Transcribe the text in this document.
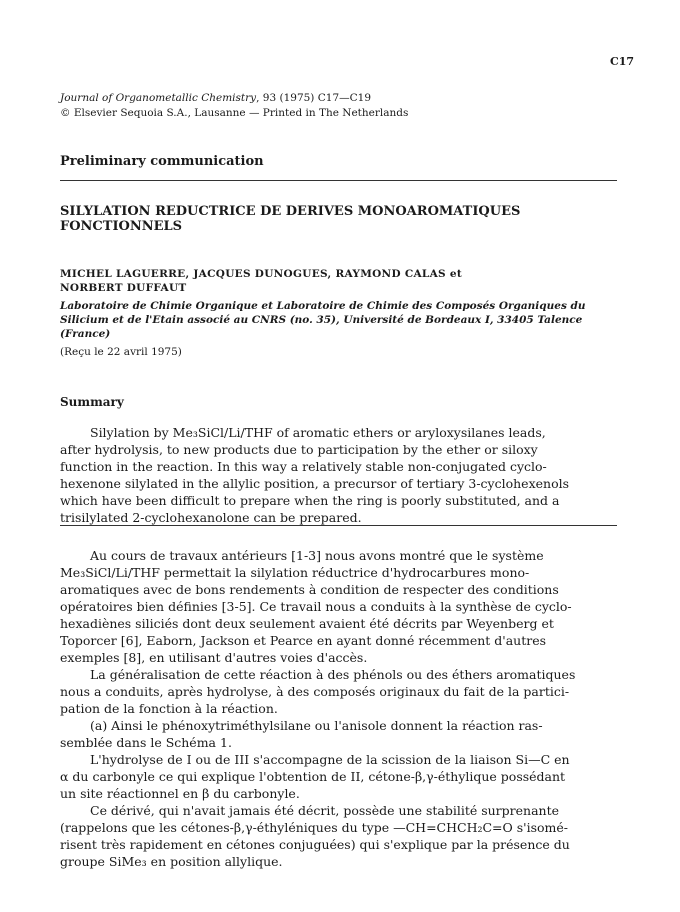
C17
Journal of Organometallic Chemistry, 93 (1975) C17—C19
© Elsevier Sequoia S.A., Lausanne — Printed in The Netherlands
Preliminary communication
SILYLATION REDUCTRICE DE DERIVES MONOAROMATIQUES
FONCTIONNELS
MICHEL LAGUERRE, JACQUES DUNOGUES, RAYMOND CALAS et
NORBERT DUFFAUT
Laboratoire de Chimie Organique et Laboratoire de Chimie des Composés Organiques du
Silicium et de l'Etain associé au CNRS (no. 35), Université de Bordeaux I, 33405 Talence
(France)
(Reçu le 22 avril 1975)
Summary
Silylation by Me₃SiCl/Li/THF of aromatic ethers or aryloxysilanes leads,
after hydrolysis, to new products due to participation by the ether or siloxy
function in the reaction. In this way a relatively stable non-conjugated cyclo-
hexenone silylated in the allylic position, a precursor of tertiary 3-cyclohexenols
which have been difficult to prepare when the ring is poorly substituted, and a
trisilylated 2-cyclohexanolone can be prepared.
Au cours de travaux antérieurs [1-3] nous avons montré que le système
Me₃SiCl/Li/THF permettait la silylation réductrice d'hydrocarbures mono-
aromatiques avec de bons rendements à condition de respecter des conditions
opératoires bien définies [3-5]. Ce travail nous a conduits à la synthèse de cyclo-
hexadiènes siliciés dont deux seulement avaient été décrits par Weyenberg et
Toporcer [6], Eaborn, Jackson et Pearce en ayant donné récemment d'autres
exemples [8], en utilisant d'autres voies d'accès.
La généralisation de cette réaction à des phénols ou des éthers aromatiques
nous a conduits, après hydrolyse, à des composés originaux du fait de la partici-
pation de la fonction à la réaction.
(a) Ainsi le phénoxytriméthylsilane ou l'anisole donnent la réaction ras-
semblée dans le Schéma 1.
L'hydrolyse de I ou de III s'accompagne de la scission de la liaison Si—C en
α du carbonyle ce qui explique l'obtention de II, cétone-β,γ-éthylique possédant
un site réactionnel en β du carbonyle.
Ce dérivé, qui n'avait jamais été décrit, possède une stabilité surprenante
(rappelons que les cétones-β,γ-éthyléniques du type —CH=CHCH₂C=O s'isomé-
risent très rapidement en cétones conjuguées) qui s'explique par la présence du
groupe SiMe₃ en position allylique.
